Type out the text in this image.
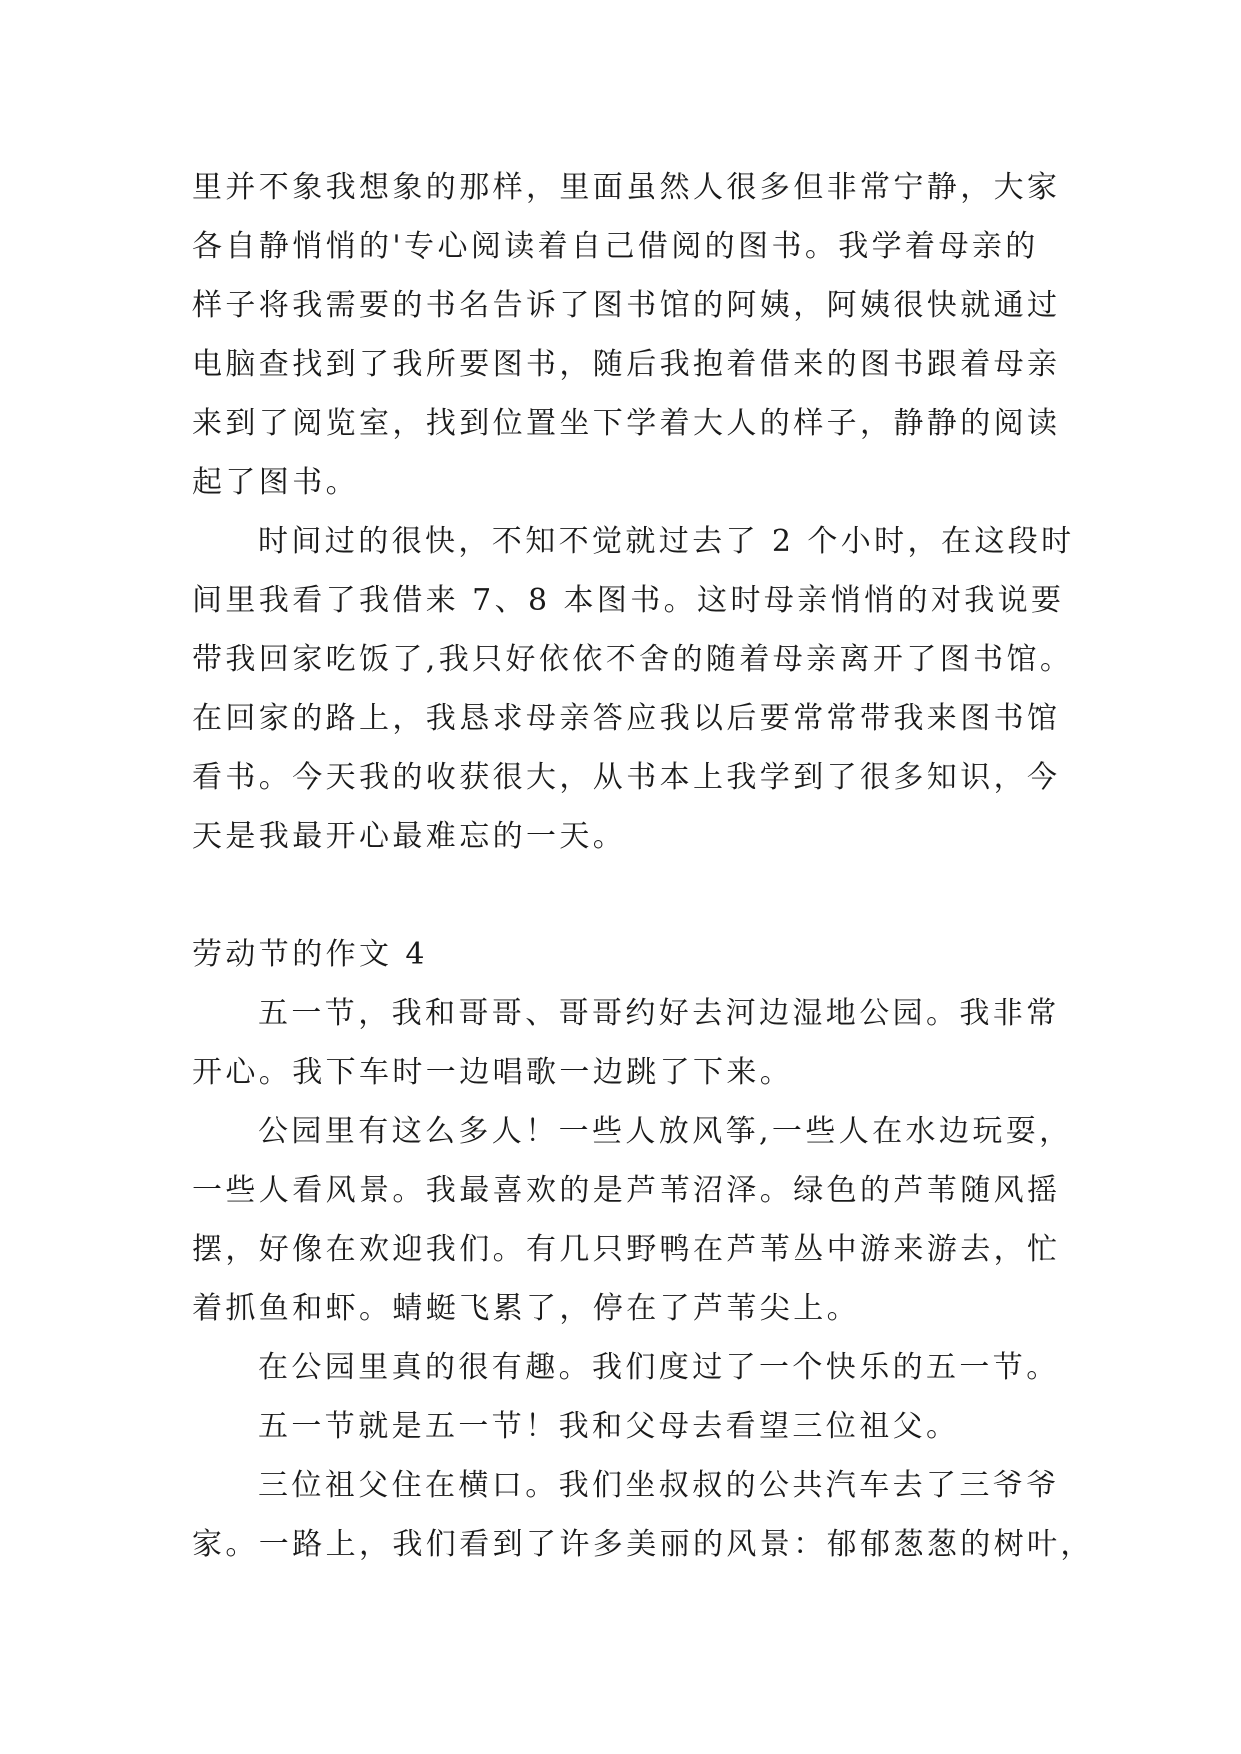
里并不象我想象的那样，里面虽然人很多但非常宁静，大家
各自静悄悄的'专心阅读着自己借阅的图书。我学着母亲的
样子将我需要的书名告诉了图书馆的阿姨，阿姨很快就通过
电脑查找到了我所要图书，随后我抱着借来的图书跟着母亲
来到了阅览室，找到位置坐下学着大人的样子，静静的阅读
起了图书。
时间过的很快，不知不觉就过去了 2 个小时，在这段时
间里我看了我借来 7、8 本图书。这时母亲悄悄的对我说要
带我回家吃饭了,我只好依依不舍的随着母亲离开了图书馆。
在回家的路上，我恳求母亲答应我以后要常常带我来图书馆
看书。今天我的收获很大，从书本上我学到了很多知识，今
天是我最开心最难忘的一天。
劳动节的作文 4
五一节，我和哥哥、哥哥约好去河边湿地公园。我非常
开心。我下车时一边唱歌一边跳了下来。
公园里有这么多人！一些人放风筝,一些人在水边玩耍，
一些人看风景。我最喜欢的是芦苇沼泽。绿色的芦苇随风摇
摆，好像在欢迎我们。有几只野鸭在芦苇丛中游来游去，忙
着抓鱼和虾。蜻蜓飞累了，停在了芦苇尖上。
在公园里真的很有趣。我们度过了一个快乐的五一节。
五一节就是五一节！我和父母去看望三位祖父。
三位祖父住在横口。我们坐叔叔的公共汽车去了三爷爷
家。一路上，我们看到了许多美丽的风景：郁郁葱葱的树叶，
